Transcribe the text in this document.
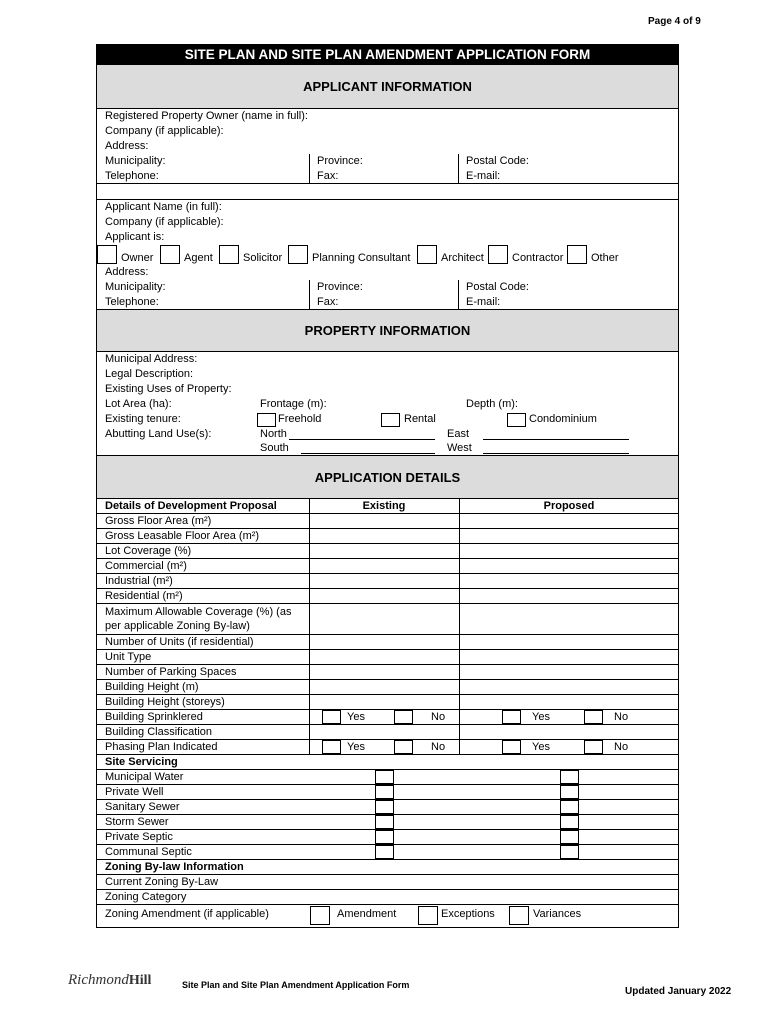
Page 4 of 9
SITE PLAN AND SITE PLAN AMENDMENT APPLICATION FORM
APPLICANT INFORMATION
Registered Property Owner (name in full):
Company (if applicable):
Address:
Municipality:	Province:	Postal Code:
Telephone:	Fax:	E-mail:
Applicant Name (in full):
Company (if applicable):
Applicant is:
Owner	Agent	Solicitor	Planning Consultant	Architect	Contractor	Other
Address:
Municipality:	Province:	Postal Code:
Telephone:	Fax:	E-mail:
PROPERTY INFORMATION
Municipal Address:
Legal Description:
Existing Uses of Property:
Lot Area (ha):	Frontage (m):	Depth (m):
Existing tenure:	Freehold	Rental	Condominium
Abutting Land Use(s):	North	East
South	West
APPLICATION DETAILS
Details of Development Proposal	Existing	Proposed
Gross Floor Area (m²)
Gross Leasable Floor Area (m²)
Lot Coverage (%)
Commercial (m²)
Industrial (m²)
Residential (m²)
Maximum Allowable Coverage (%) (as per applicable Zoning By-law)
Number of Units (if residential)
Unit Type
Number of Parking Spaces
Building Height (m)
Building Height (storeys)
Building Sprinklered	Yes	No	Yes	No
Building Classification
Phasing Plan Indicated	Yes	No	Yes	No
Site Servicing
Municipal Water
Private Well
Sanitary Sewer
Storm Sewer
Private Septic
Communal Septic
Zoning By-law Information
Current Zoning By-Law
Zoning Category
Zoning Amendment (if applicable)	Amendment	Exceptions	Variances
RichmondHill	Site Plan and Site Plan Amendment Application Form
Updated January 2022
